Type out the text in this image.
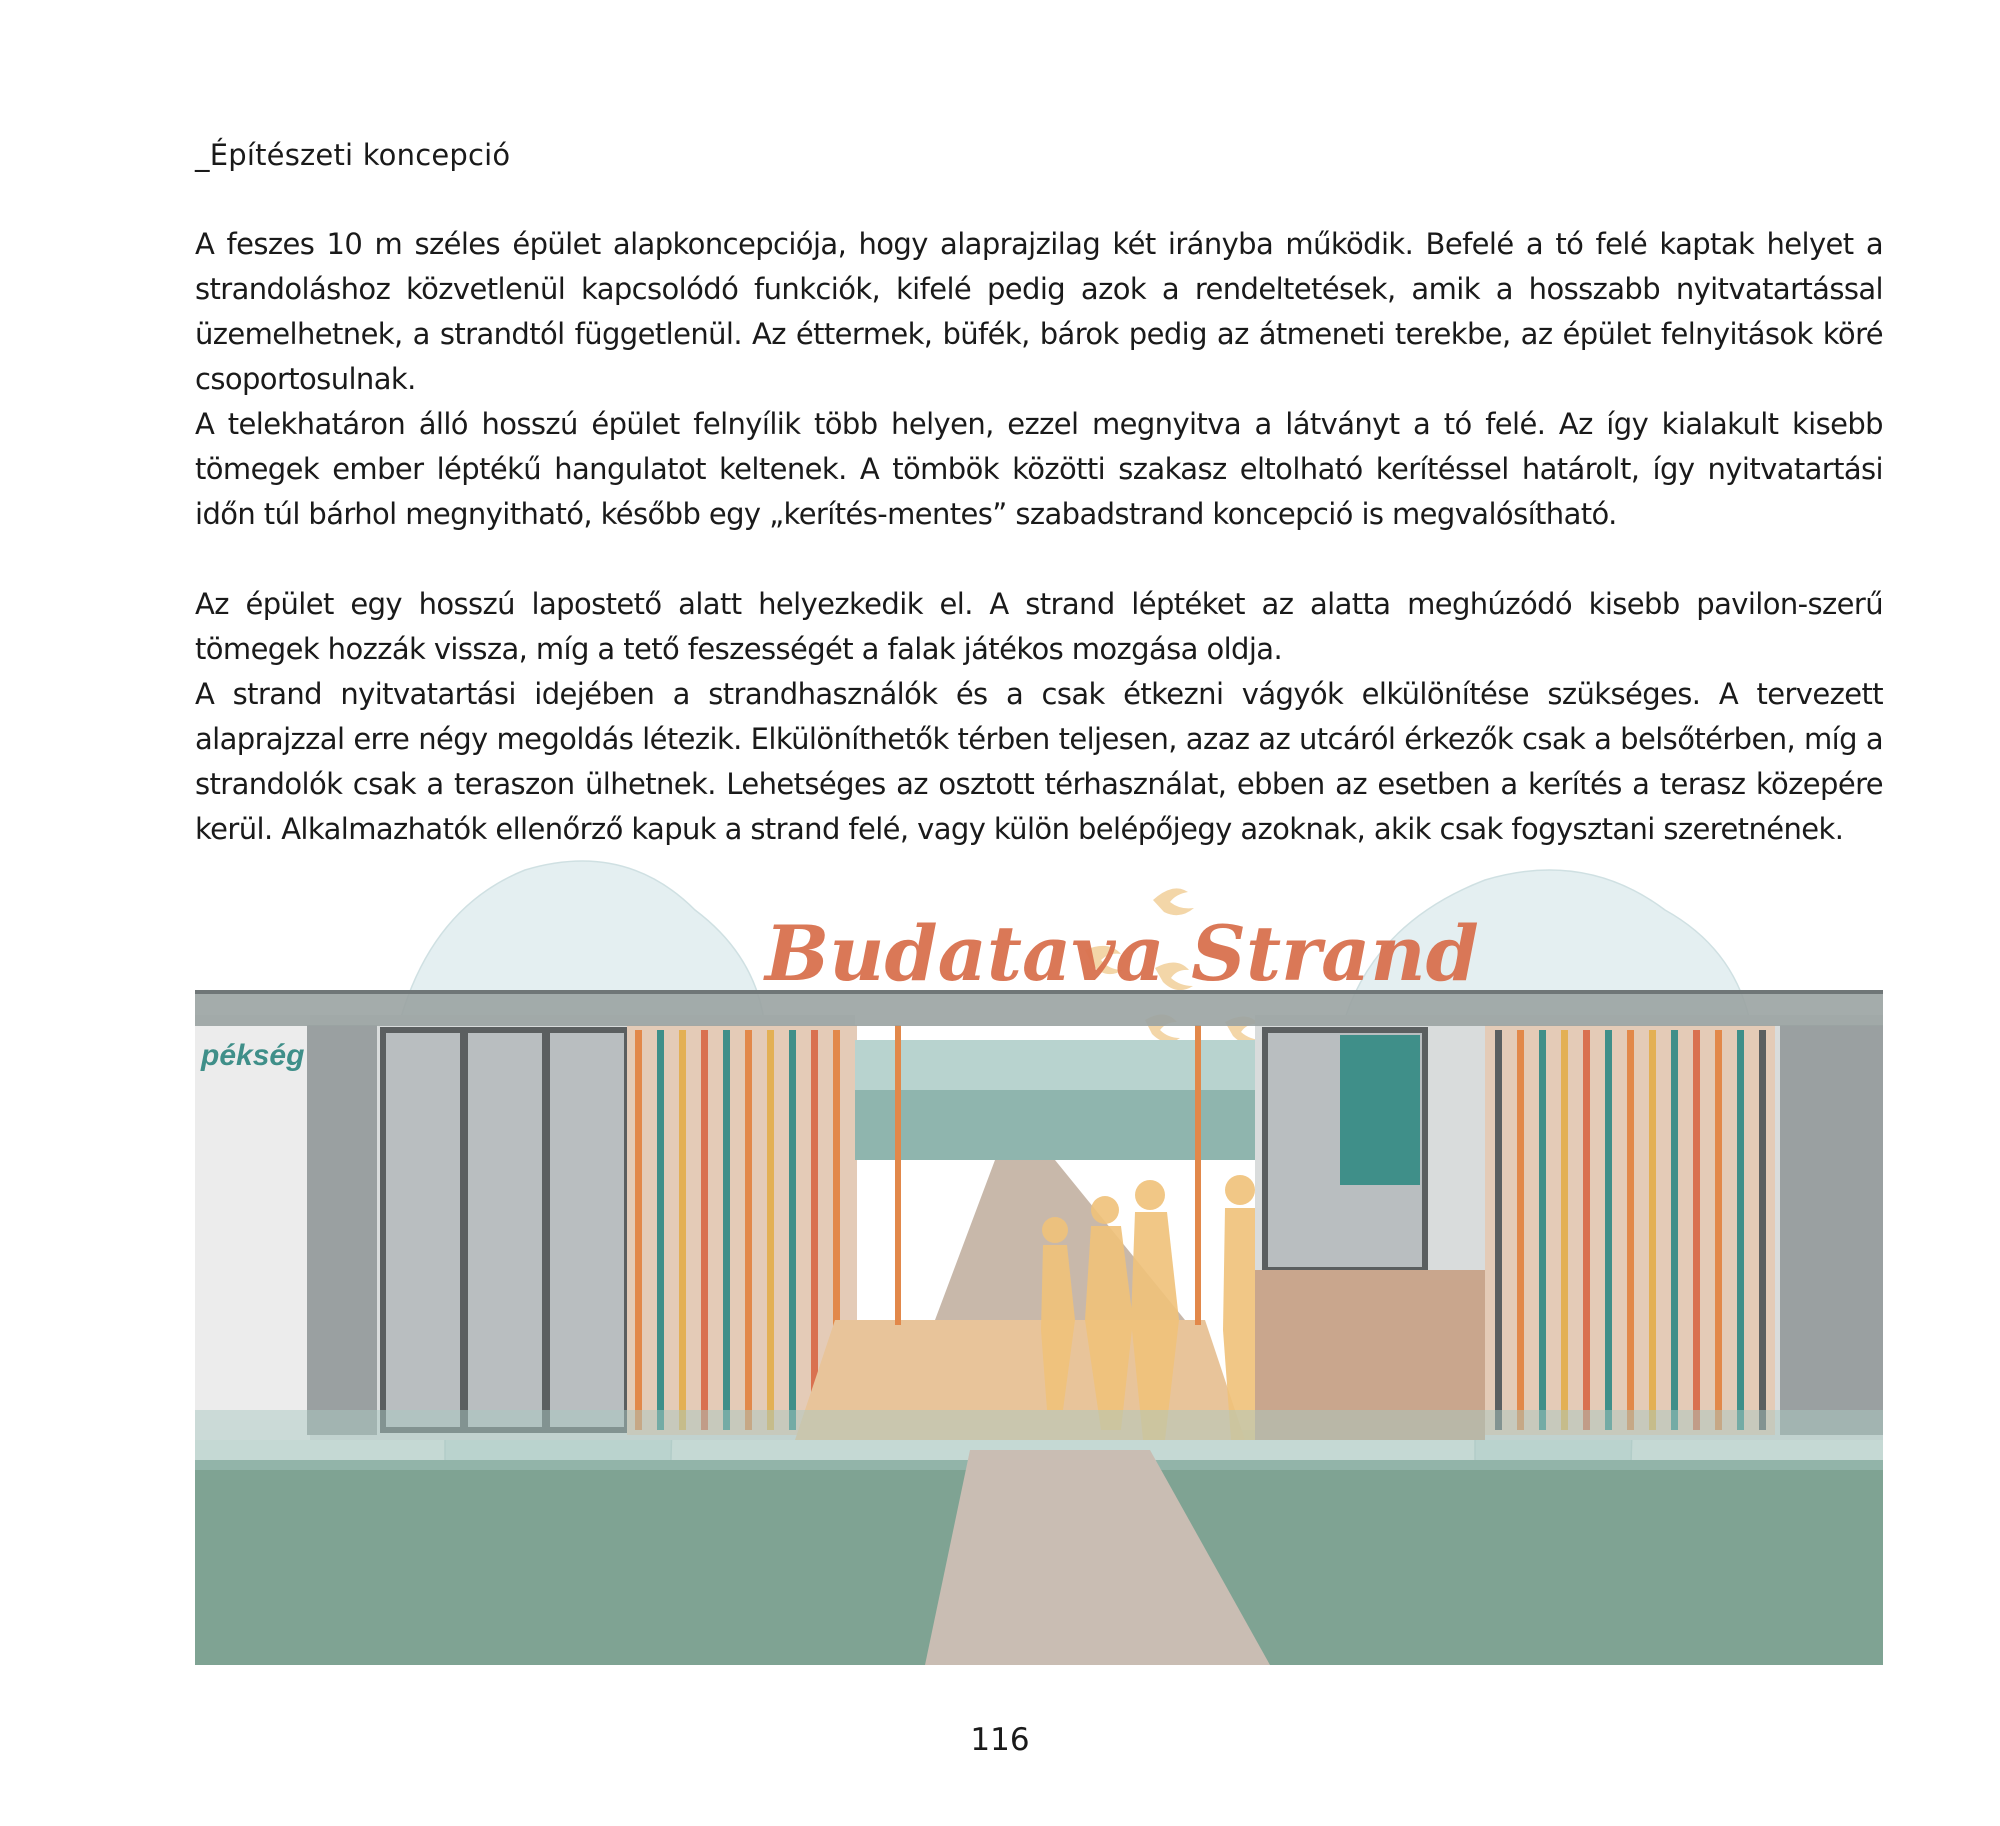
_Építészeti koncepció

A feszes 10 m széles épület alapkoncepciója, hogy alaprajzilag két irányba működik. Befelé a tó felé kaptak helyet a strandoláshoz közvetlenül kapcsolódó funkciók, kifelé pedig azok a rendeltetések, amik a hosszabb nyitvatartással üzemelhetnek, a strandtól függetlenül. Az éttermek, büfék, bárok pedig az átmeneti terekbe, az épület felnyitások köré csoportosulnak.

A telekhatáron álló hosszú épület felnyílik több helyen, ezzel megnyitva a látványt a tó felé. Az így kialakult kisebb tömegek ember léptékű hangulatot keltenek. A tömbök közötti szakasz eltolható kerítéssel határolt, így nyitvatartási időn túl bárhol megnyitható, később egy „kerítés-mentes” szabadstrand koncepció is megvalósítható.

Az épület egy hosszú lapostető alatt helyezkedik el. A strand léptéket az alatta meghúzódó kisebb pavilon-szerű tömegek hozzák vissza, míg a tető feszességét a falak játékos mozgása oldja.

A strand nyitvatartási idejében a strandhasználók és a csak étkezni vágyók elkülönítése szükséges. A tervezett alaprajzzal erre négy megoldás létezik. Elkülöníthetők térben teljesen, azaz az utcáról érkezők csak a belsőtérben, míg a strandolók csak a teraszon ülhetnek. Lehetséges az osztott térhasználat, ebben az esetben a kerítés a terasz közepére kerül. Alkalmazhatók ellenőrző kapuk a strand felé, vagy külön belépőjegy azoknak, akik csak fogysztani szeretnének.

pékség
Budatava Strand
116
